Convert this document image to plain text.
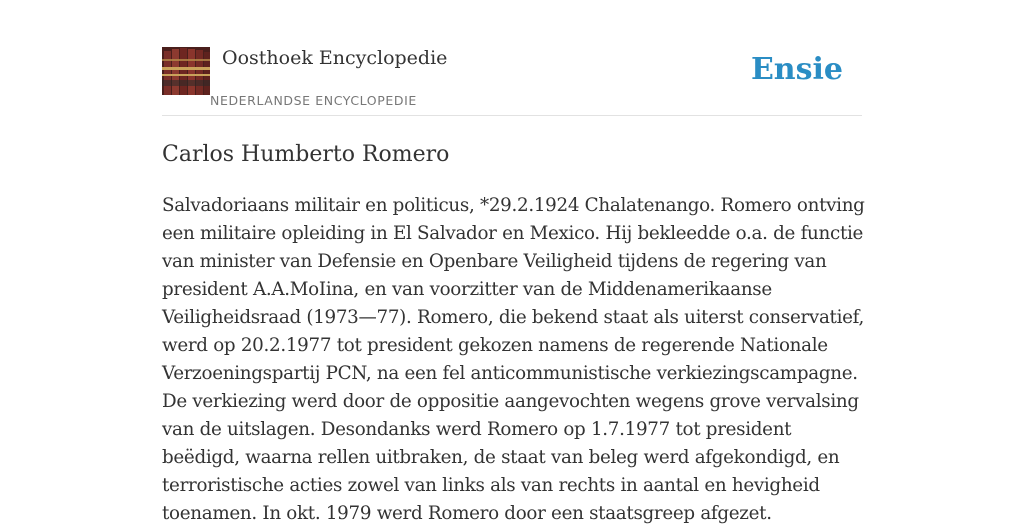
Oosthoek Encyclopedie
NEDERLANDSE ENCYCLOPEDIE
Ensie
Carlos Humberto Romero

Salvadoriaans militair en politicus, *29.2.1924 Chalatenango. Romero ontving een militaire opleiding in El Salvador en Mexico. Hij bekleedde o.a. de functie van minister van Defensie en Openbare Veiligheid tijdens de regering van president A.A.MoIina, en van voorzitter van de Middenamerikaanse Veiligheidsraad (1973—77). Romero, die bekend staat als uiterst conservatief, werd op 20.2.1977 tot president gekozen namens de regerende Nationale Verzoeningspartij PCN, na een fel anticommunistische verkiezingscampagne. De verkiezing werd door de oppositie aangevochten wegens grove vervalsing van de uitslagen. Desondanks werd Romero op 1.7.1977 tot president beëdigd, waarna rellen uitbraken, de staat van beleg werd afgekondigd, en terroristische acties zowel van links als van rechts in aantal en hevigheid toenamen. In okt. 1979 werd Romero door een staatsgreep afgezet.
